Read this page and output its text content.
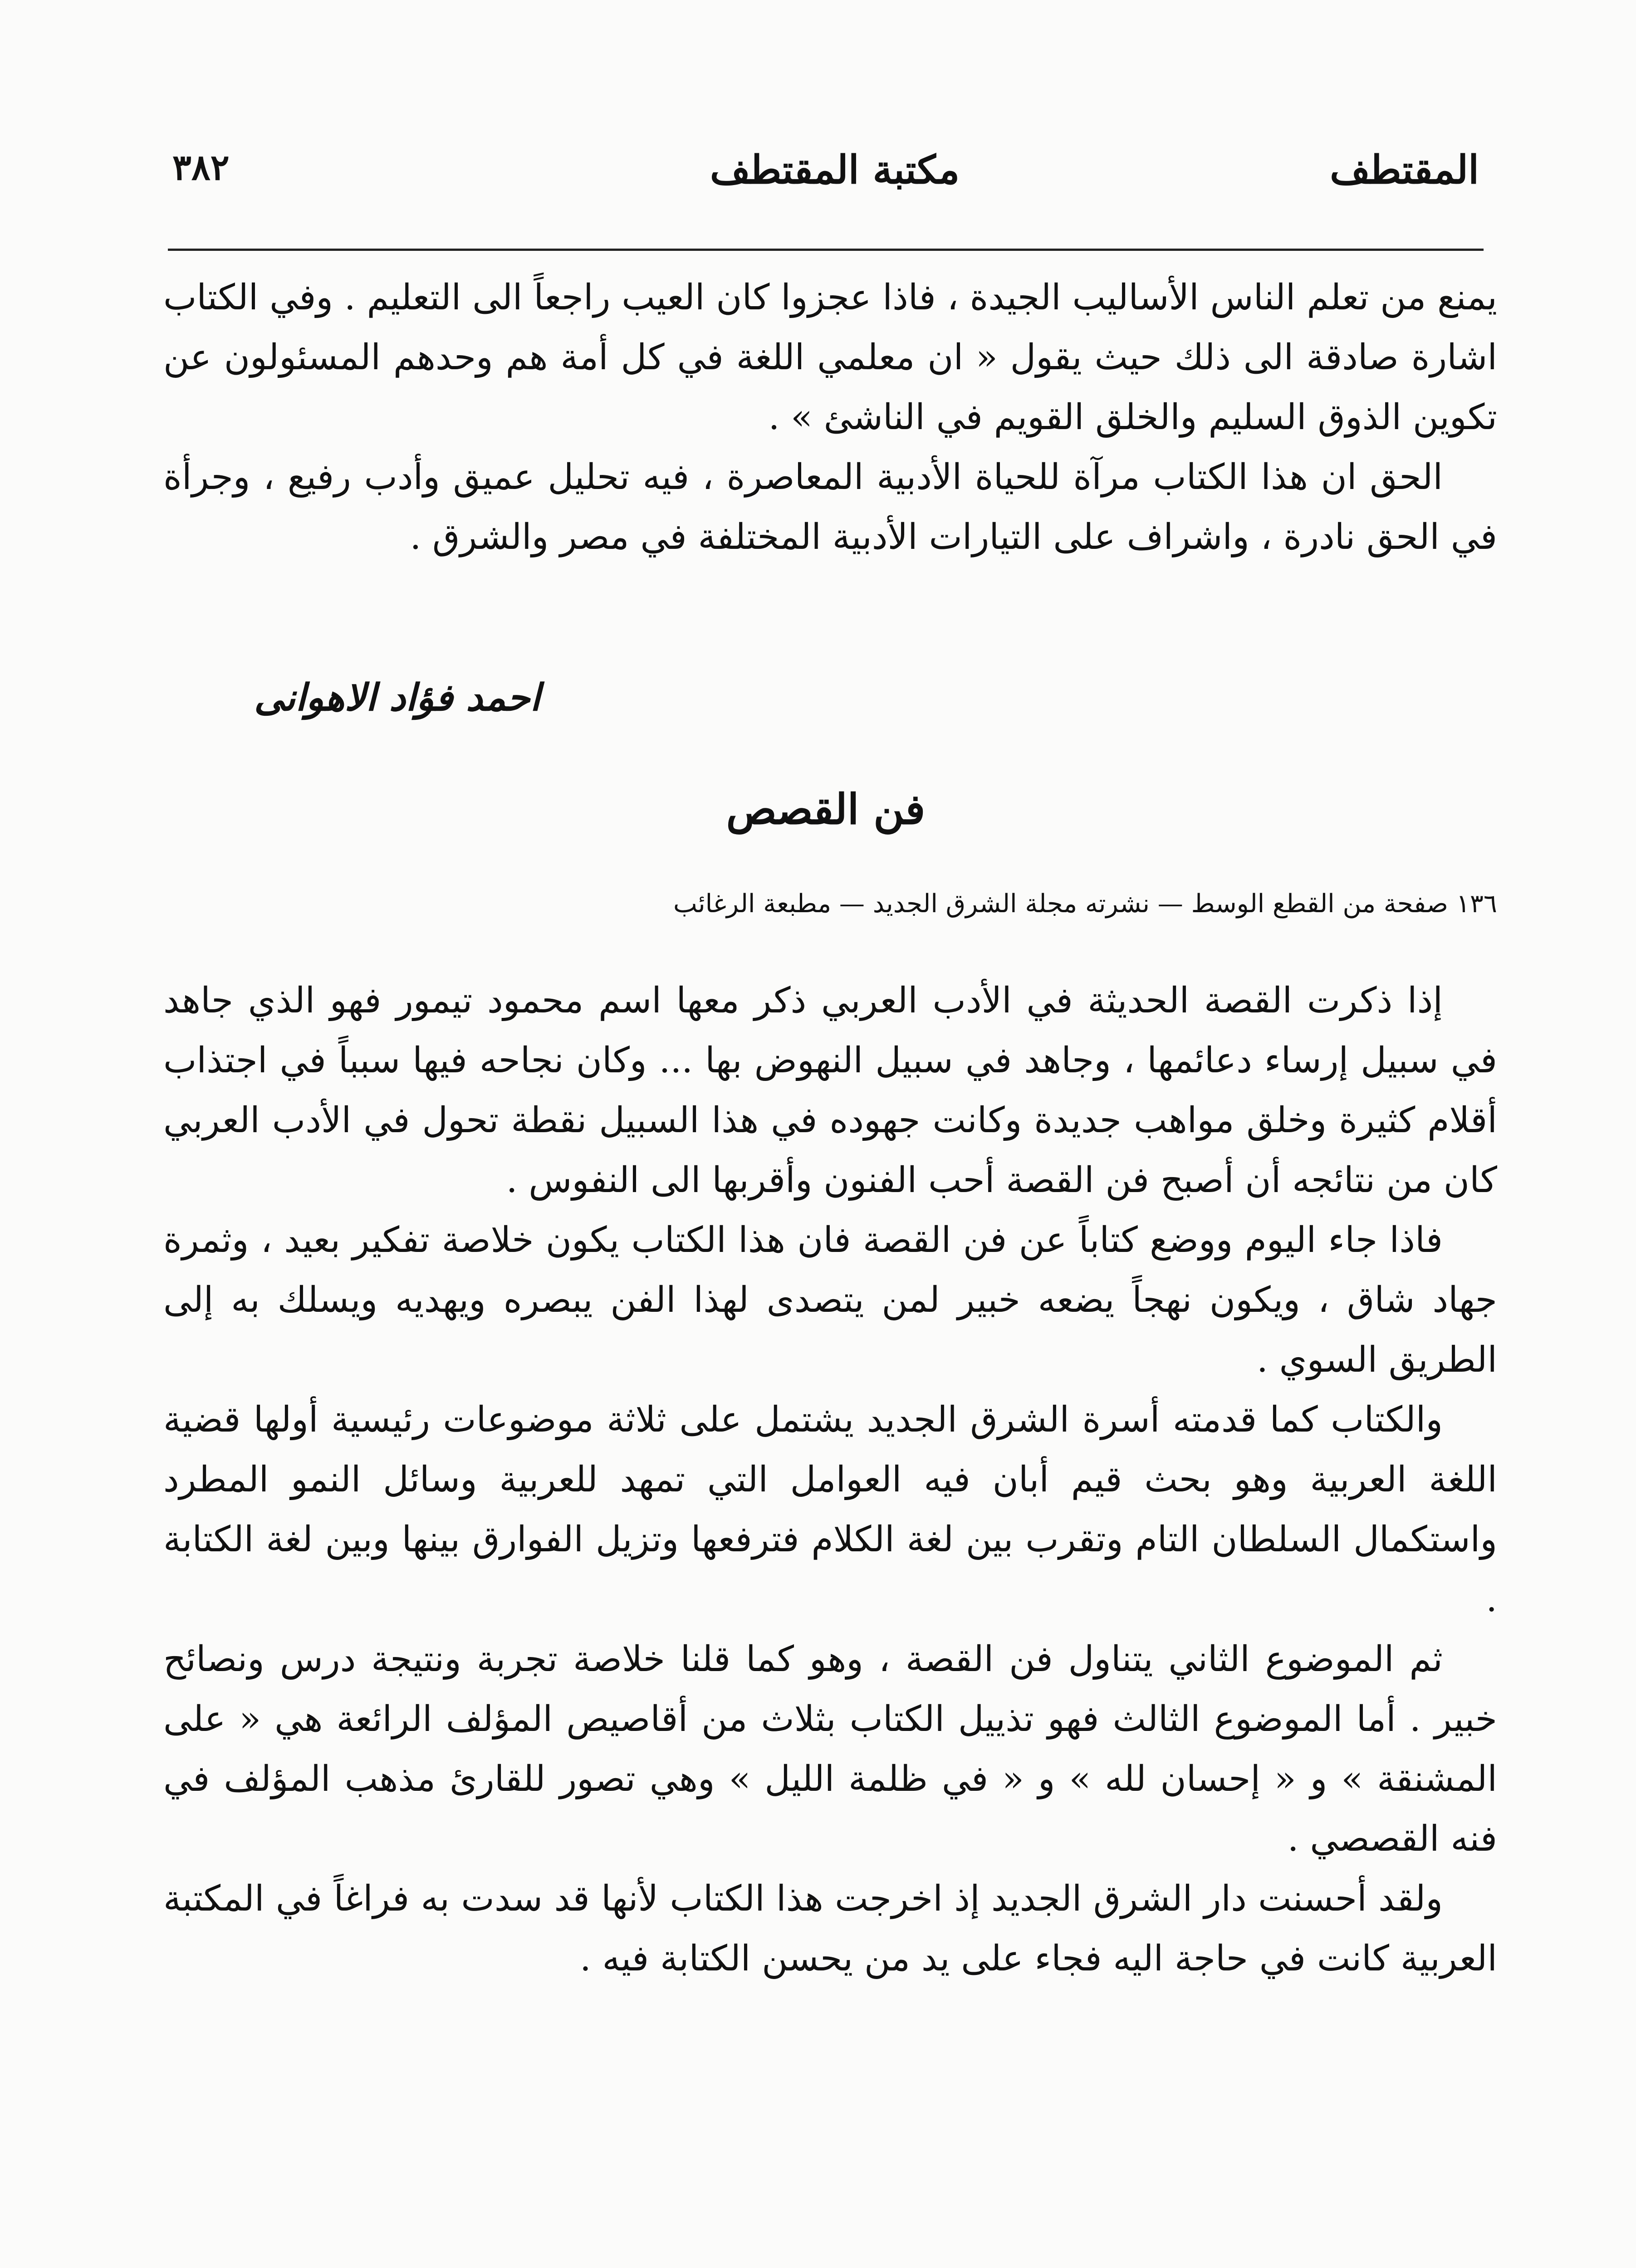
٣٨٢	مكتبة المقتطف	المقتطف

يمنع من تعلم الناس الأساليب الجيدة ، فاذا عجزوا كان العيب راجعاً الى التعليم . وفي الكتاب اشارة صادقة الى ذلك حيث يقول « ان معلمي اللغة في كل أمة هم وحدهم المسئولون عن تكوين الذوق السليم والخلق القويم في الناشئ » .

الحق ان هذا الكتاب مرآة للحياة الأدبية المعاصرة ، فيه تحليل عميق وأدب رفيع ، وجرأة في الحق نادرة ، واشراف على التيارات الأدبية المختلفة في مصر والشرق .

احمد فؤاد الاهوانى
فن القصص
١٣٦ صفحة من القطع الوسط — نشرته مجلة الشرق الجديد — مطبعة الرغائب

إذا ذكرت القصة الحديثة في الأدب العربي ذكر معها اسم محمود تيمور فهو الذي جاهد في سبيل إرساء دعائمها ، وجاهد في سبيل النهوض بها ... وكان نجاحه فيها سبباً في اجتذاب أقلام كثيرة وخلق مواهب جديدة وكانت جهوده في هذا السبيل نقطة تحول في الأدب العربي كان من نتائجه أن أصبح فن القصة أحب الفنون وأقربها الى النفوس .

فاذا جاء اليوم ووضع كتاباً عن فن القصة فان هذا الكتاب يكون خلاصة تفكير بعيد ، وثمرة جهاد شاق ، ويكون نهجاً يضعه خبير لمن يتصدى لهذا الفن يبصره ويهديه ويسلك به إلى الطريق السوي .

والكتاب كما قدمته أسرة الشرق الجديد يشتمل على ثلاثة موضوعات رئيسية أولها قضية اللغة العربية وهو بحث قيم أبان فيه العوامل التي تمهد للعربية وسائل النمو المطرد واستكمال السلطان التام وتقرب بين لغة الكلام فترفعها وتزيل الفوارق بينها وبين لغة الكتابة .

ثم الموضوع الثاني يتناول فن القصة ، وهو كما قلنا خلاصة تجربة ونتيجة درس ونصائح خبير . أما الموضوع الثالث فهو تذييل الكتاب بثلاث من أقاصيص المؤلف الرائعة هي « على المشنقة » و « إحسان لله » و « في ظلمة الليل » وهي تصور للقارئ مذهب المؤلف في فنه القصصي .

ولقد أحسنت دار الشرق الجديد إذ اخرجت هذا الكتاب لأنها قد سدت به فراغاً في المكتبة العربية كانت في حاجة اليه فجاء على يد من يحسن الكتابة فيه .
